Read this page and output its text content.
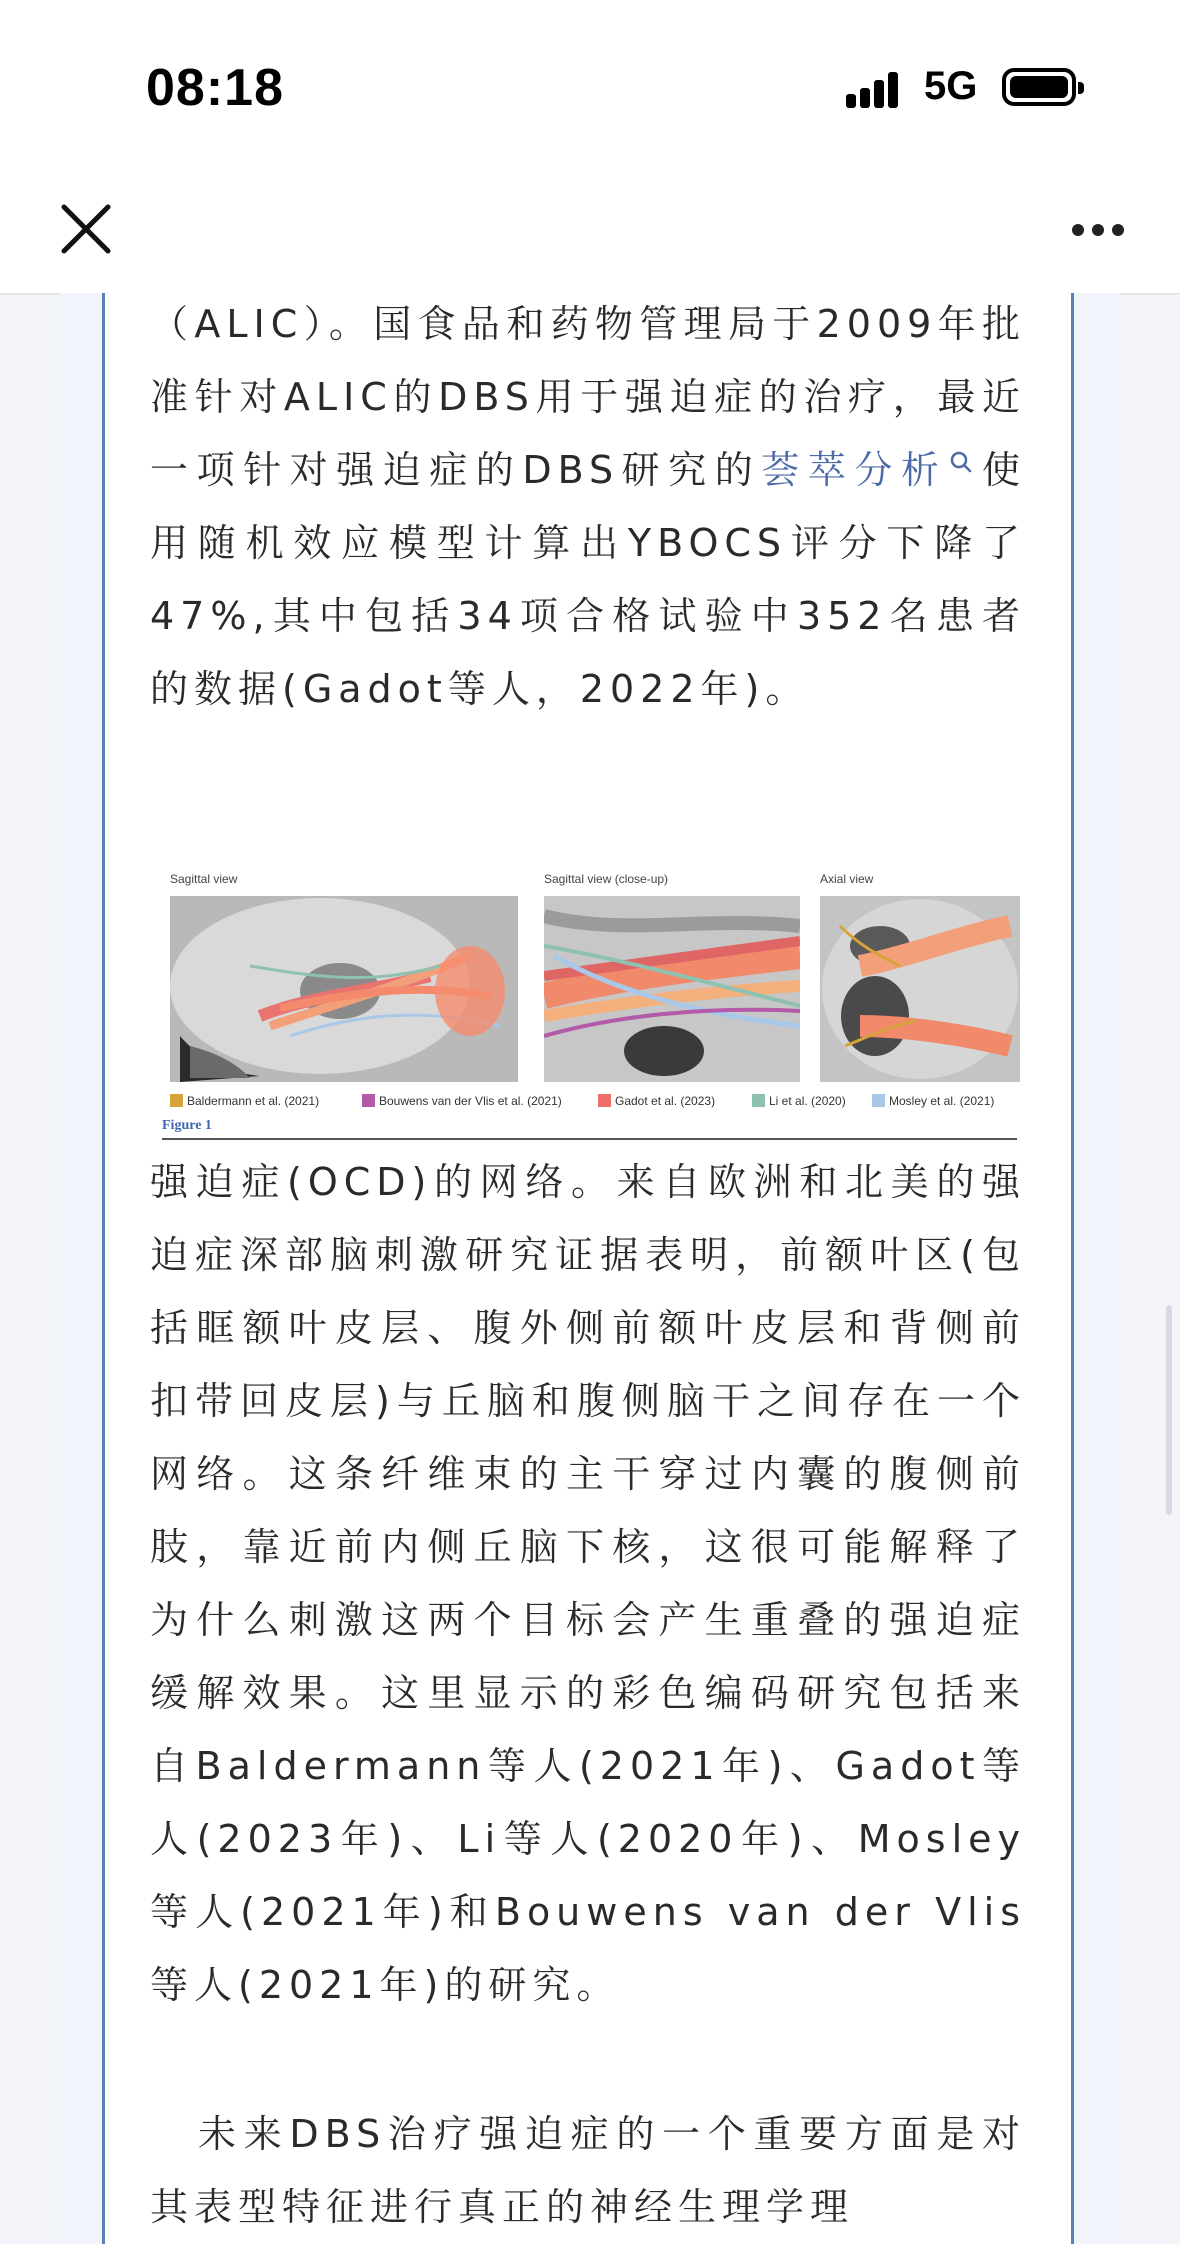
08:18	5G

（ALIC）。国食品和药物管理局于2009年批准针对ALIC的DBS用于强迫症的治疗，最近一项针对强迫症的DBS研究的荟萃分析 使用随机效应模型计算出YBOCS评分下降了47%,其中包括34项合格试验中352名患者的数据(Gadot等人，2022年)。

Sagittal view	Sagittal view (close-up)	Axial view
Baldermann et al. (2021)	Bouwens van der Vlis et al. (2021)	Gadot et al. (2023)	Li et al. (2020)	Mosley et al. (2021)
Figure 1

强迫症(OCD)的网络。来自欧洲和北美的强迫症深部脑刺激研究证据表明，前额叶区(包括眶额叶皮层、腹外侧前额叶皮层和背侧前扣带回皮层)与丘脑和腹侧脑干之间存在一个网络。这条纤维束的主干穿过内囊的腹侧前肢，靠近前内侧丘脑下核，这很可能解释了为什么刺激这两个目标会产生重叠的强迫症缓解效果。这里显示的彩色编码研究包括来自Baldermann等人(2021年)、Gadot等人(2023年)、Li等人(2020年)、Mosley等人(2021年)和Bouwens van der Vlis等人(2021年)的研究。

未来DBS治疗强迫症的一个重要方面是对其表型特征进行真正的神经生理学理
